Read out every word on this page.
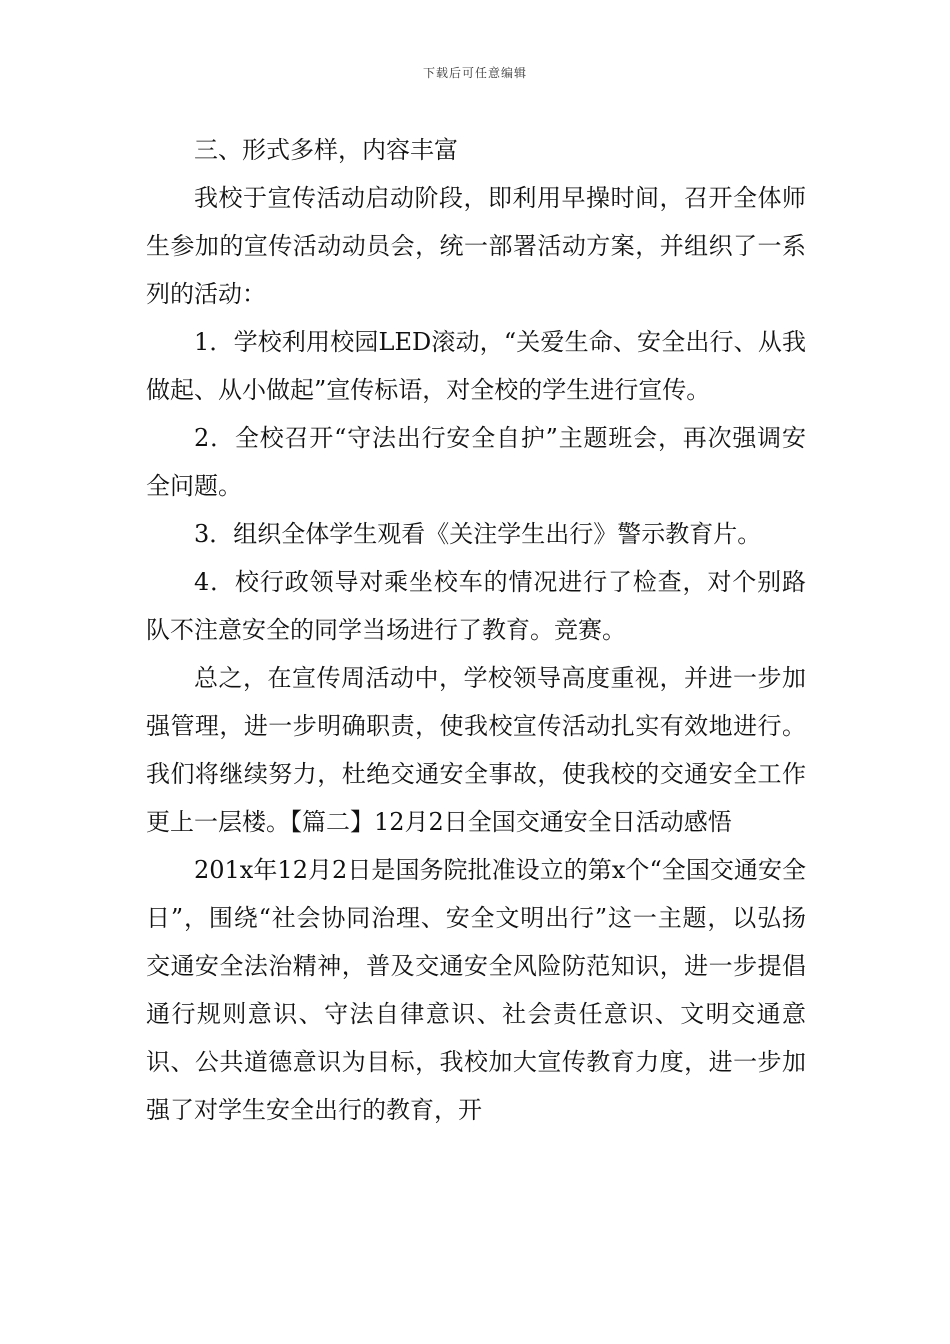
下载后可任意编辑

三、形式多样，内容丰富

我校于宣传活动启动阶段，即利用早操时间，召开全体师生参加的宣传活动动员会，统一部署活动方案，并组织了一系列的活动：

1．学校利用校园LED滚动，“关爱生命、安全出行、从我做起、从小做起”宣传标语，对全校的学生进行宣传。

2．全校召开“守法出行安全自护”主题班会，再次强调安全问题。

3．组织全体学生观看《关注学生出行》警示教育片。

4．校行政领导对乘坐校车的情况进行了检查，对个别路队不注意安全的同学当场进行了教育。竞赛。

总之，在宣传周活动中，学校领导高度重视，并进一步加强管理，进一步明确职责，使我校宣传活动扎实有效地进行。我们将继续努力，杜绝交通安全事故，使我校的交通安全工作更上一层楼。【篇二】12月2日全国交通安全日活动感悟

201x年12月2日是国务院批准设立的第x个“全国交通安全日”，围绕“社会协同治理、安全文明出行”这一主题，以弘扬交通安全法治精神，普及交通安全风险防范知识，进一步提倡通行规则意识、守法自律意识、社会责任意识、文明交通意识、公共道德意识为目标，我校加大宣传教育力度，进一步加强了对学生安全出行的教育，开
